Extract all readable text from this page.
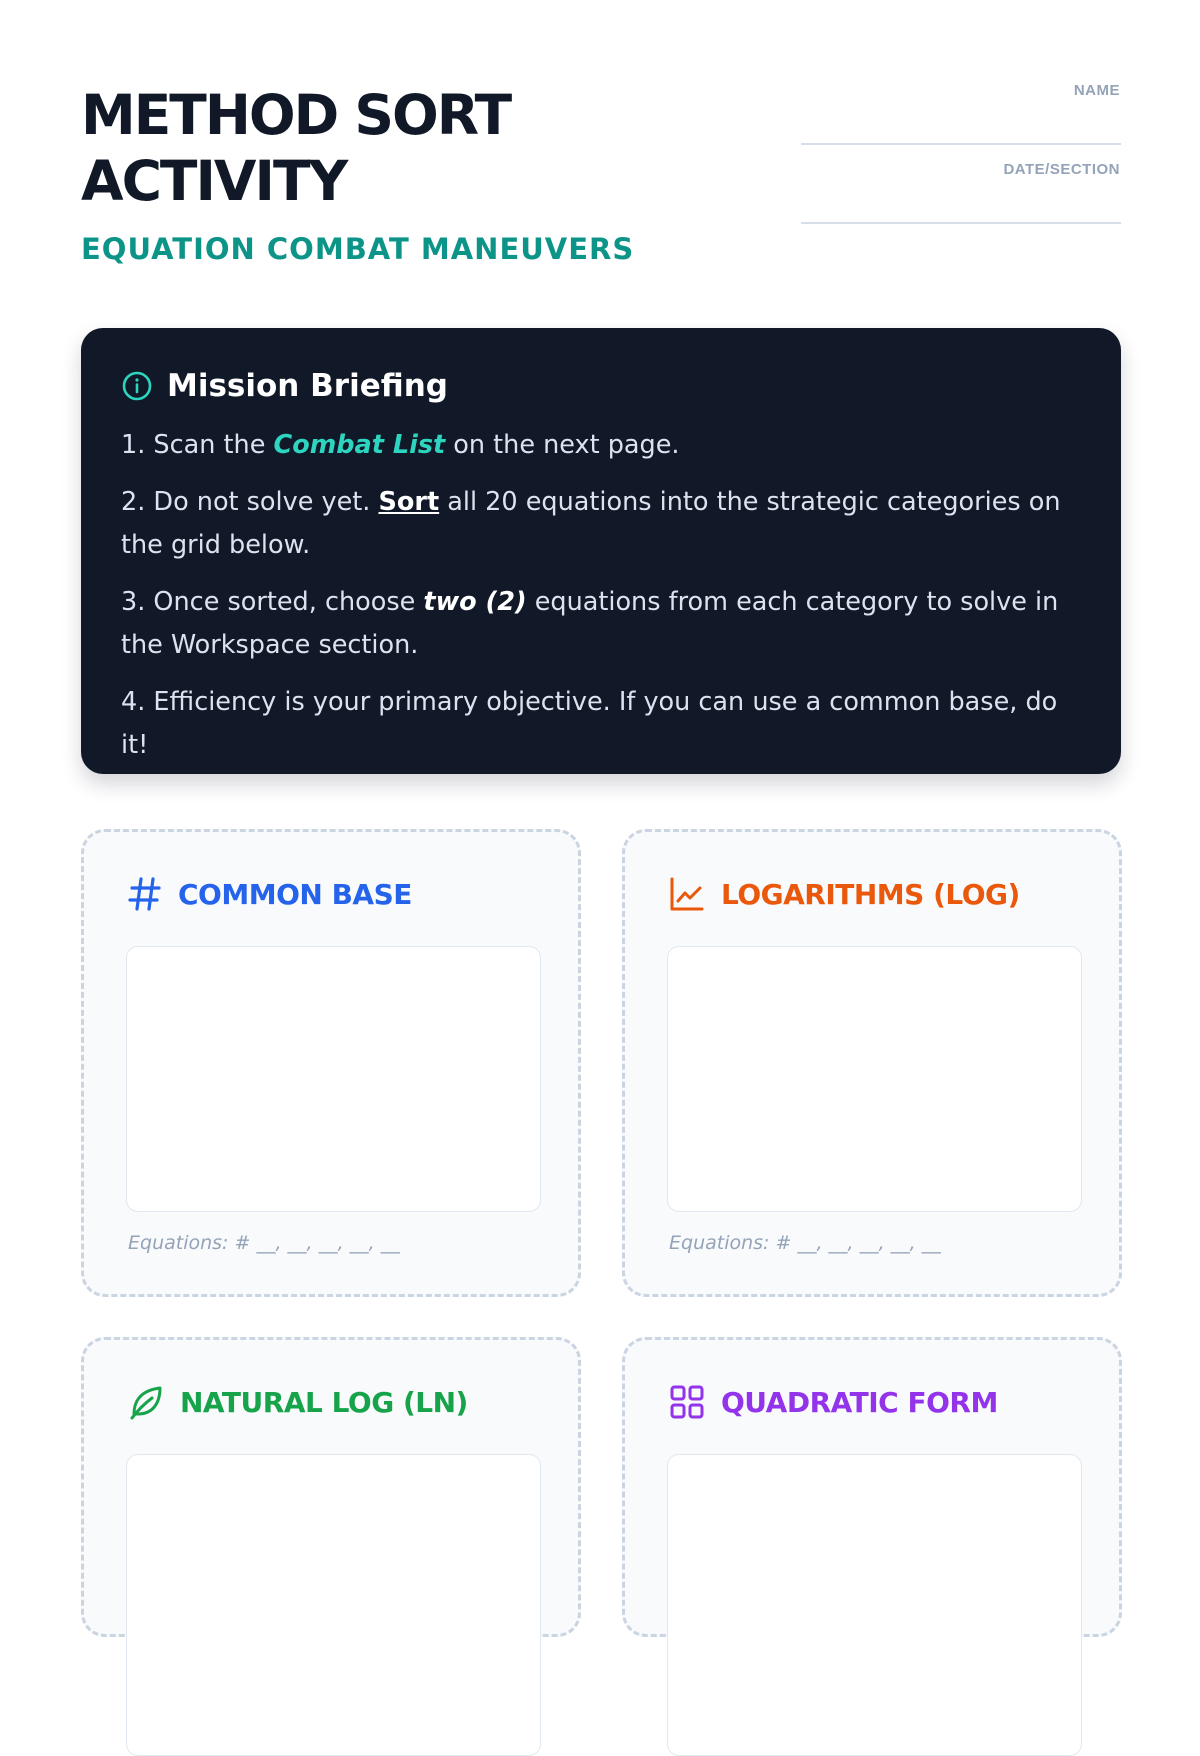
METHOD SORT
ACTIVITY
EQUATION COMBAT MANEUVERS
NAME
DATE/SECTION
Mission Briefing

1. Scan the Combat List on the next page.

2. Do not solve yet. Sort all 20 equations into the strategic categories on the grid below.

3. Once sorted, choose two (2) equations from each category to solve in the Workspace section.

4. Efficiency is your primary objective. If you can use a common base, do it!

COMMON BASE
Equations: # __, __, __, __, __
LOGARITHMS (LOG)
Equations: # __, __, __, __, __
NATURAL LOG (LN)	QUADRATIC FORM
